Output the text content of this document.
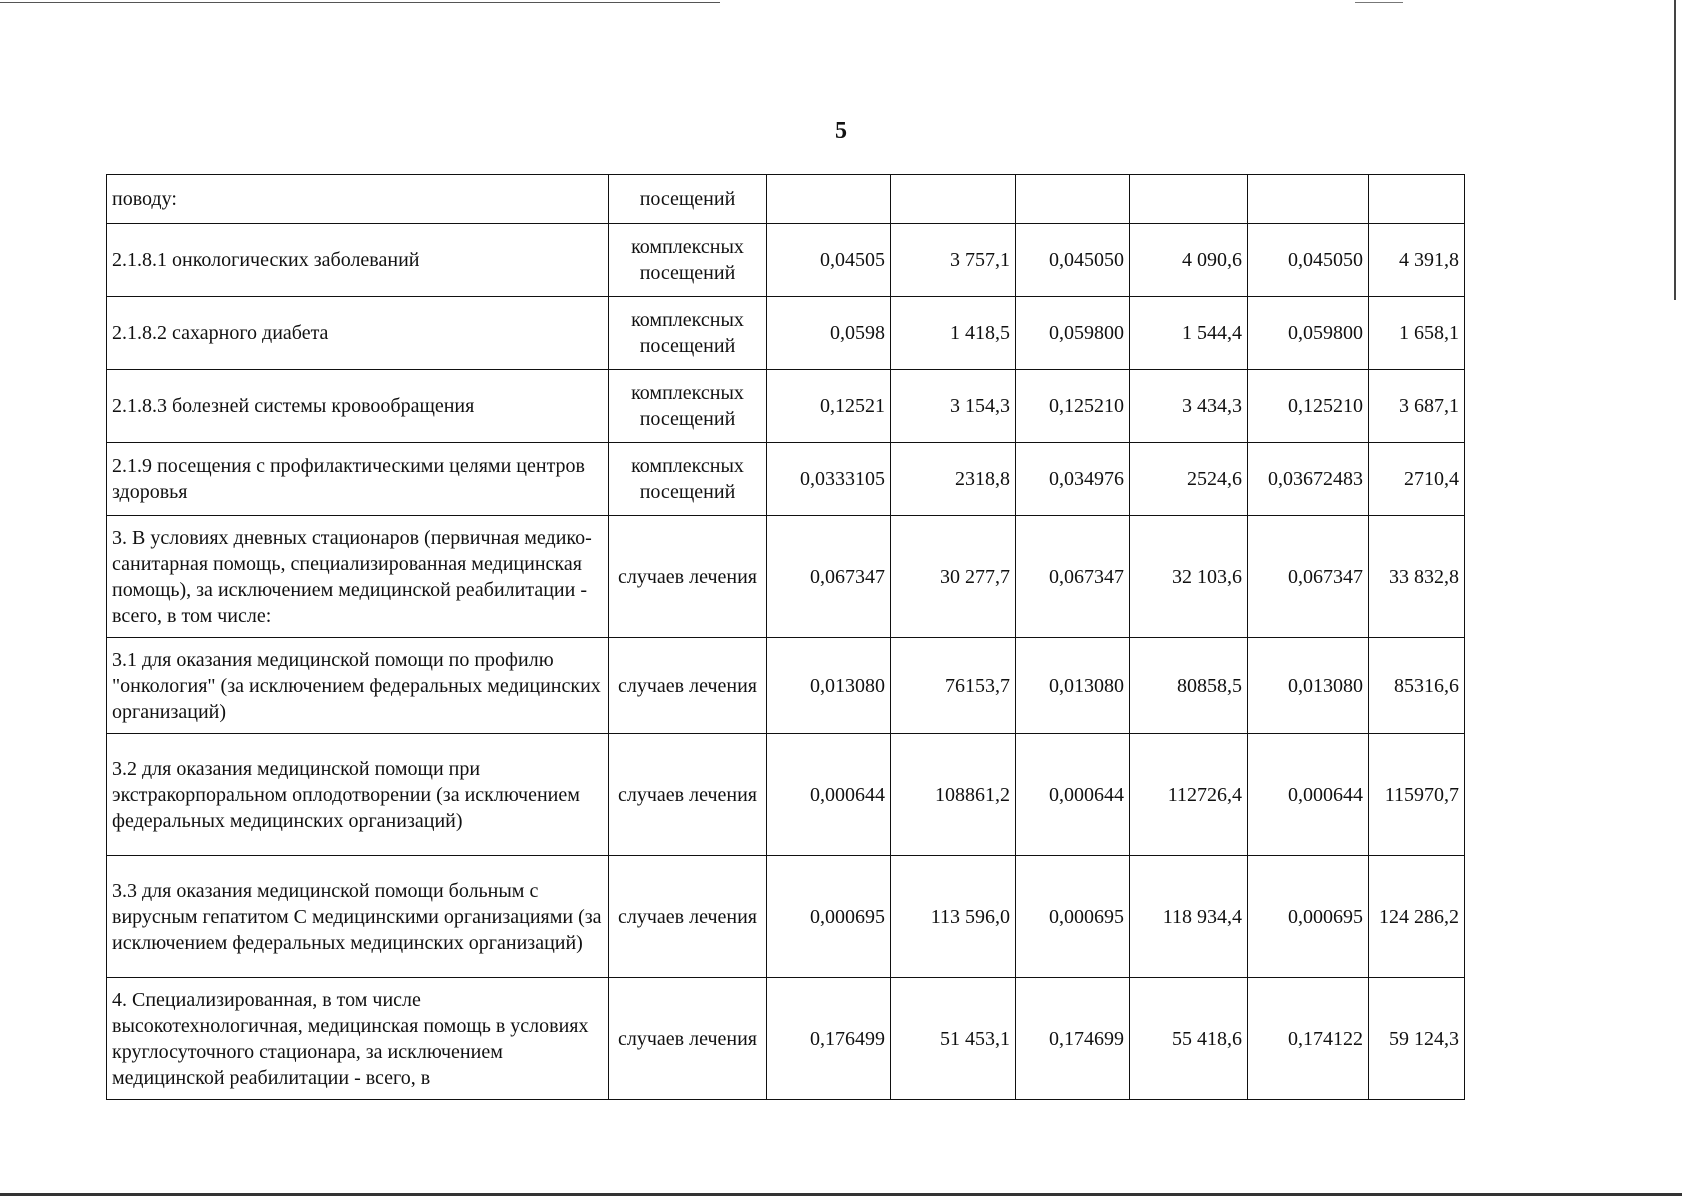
5
поводу:	посещений						
2.1.8.1 онкологических заболеваний	комплексных посещений	0,04505	3 757,1	0,045050	4 090,6	0,045050	4 391,8
2.1.8.2 сахарного диабета	комплексных посещений	0,0598	1 418,5	0,059800	1 544,4	0,059800	1 658,1
2.1.8.3 болезней системы кровообращения	комплексных посещений	0,12521	3 154,3	0,125210	3 434,3	0,125210	3 687,1
2.1.9 посещения с профилактическими целями центров здоровья	комплексных посещений	0,0333105	2318,8	0,034976	2524,6	0,03672483	2710,4
3. В условиях дневных стационаров (первичная медико-санитарная помощь, специализированная медицинская помощь), за исключением медицинской реабилитации - всего, в том числе:	случаев лечения	0,067347	30 277,7	0,067347	32 103,6	0,067347	33 832,8
3.1 для оказания медицинской помощи по профилю "онкология" (за исключением федеральных медицинских организаций)	случаев лечения	0,013080	76153,7	0,013080	80858,5	0,013080	85316,6
3.2 для оказания медицинской помощи при экстракорпоральном оплодотворении (за исключением федеральных медицинских организаций)	случаев лечения	0,000644	108861,2	0,000644	112726,4	0,000644	115970,7
3.3 для оказания медицинской помощи больным с вирусным гепатитом С медицинскими организациями (за исключением федеральных медицинских организаций)	случаев лечения	0,000695	113 596,0	0,000695	118 934,4	0,000695	124 286,2
4. Специализированная, в том числе высокотехнологичная, медицинская помощь в условиях круглосуточного стационара, за исключением медицинской реабилитации - всего, в	случаев лечения	0,176499	51 453,1	0,174699	55 418,6	0,174122	59 124,3
